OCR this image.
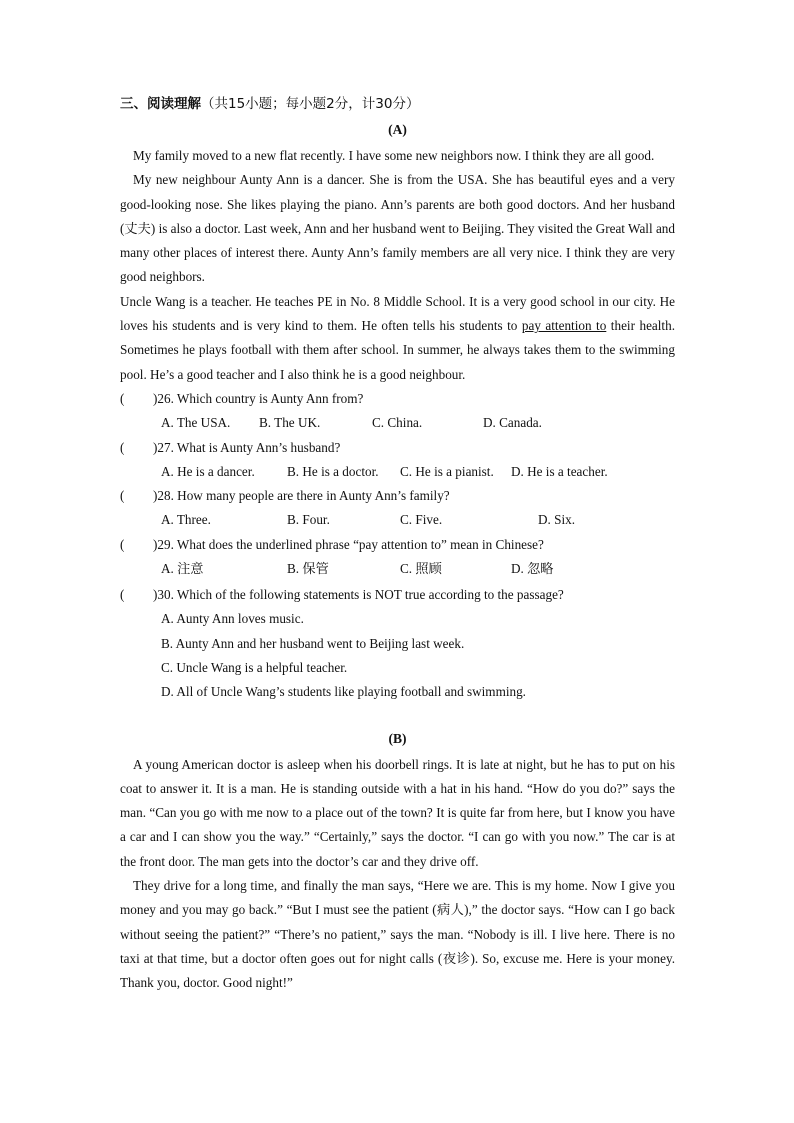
三、阅读理解（共15小题；每小题2分，计30分）
(A)

My family moved to a new flat recently. I have some new neighbors now. I think they are all good.

My new neighbour Aunty Ann is a dancer. She is from the USA. She has beautiful eyes and a very good-looking nose. She likes playing the piano. Ann’s parents are both good doctors. And her husband (丈夫) is also a doctor. Last week, Ann and her husband went to Beijing. They visited the Great Wall and many other places of interest there. Aunty Ann’s family members are all very nice. I think they are very good neighbors.

Uncle Wang is a teacher. He teaches PE in No. 8 Middle School. It is a very good school in our city. He loves his students and is very kind to them. He often tells his students to pay attention to their health. Sometimes he plays football with them after school. In summer, he always takes them to the swimming pool. He’s a good teacher and I also think he is a good neighbour.

( )26. Which country is Aunty Ann from?
A. The USA. B. The UK.	C. China.	D. Canada.
( )27. What is Aunty Ann’s husband?
A. He is a dancer. B. He is a doctor. C. He is a pianist. D. He is a teacher.
( )28. How many people are there in Aunty Ann’s family?
A. Three.	B. Four.	C. Five.	D. Six.
( )29. What does the underlined phrase “pay attention to” mean in Chinese?
A. 注意	B. 保管	C. 照顾	D. 忽略
( )30. Which of the following statements is NOT true according to the passage?
A. Aunty Ann loves music.
B. Aunty Ann and her husband went to Beijing last week.
C. Uncle Wang is a helpful teacher.
D. All of Uncle Wang’s students like playing football and swimming.
(B)

A young American doctor is asleep when his doorbell rings. It is late at night, but he has to put on his coat to answer it. It is a man. He is standing outside with a hat in his hand. “How do you do?” says the man. “Can you go with me now to a place out of the town? It is quite far from here, but I know you have a car and I can show you the way.” “Certainly,” says the doctor. “I can go with you now.” The car is at the front door. The man gets into the doctor’s car and they drive off.

They drive for a long time, and finally the man says, “Here we are. This is my home. Now I give you money and you may go back.” “But I must see the patient (病人),” the doctor says. “How can I go back without seeing the patient?” “There’s no patient,” says the man. “Nobody is ill. I live here. There is no taxi at that time, but a doctor often goes out for night calls (夜诊). So, excuse me. Here is your money. Thank you, doctor. Good night!”
